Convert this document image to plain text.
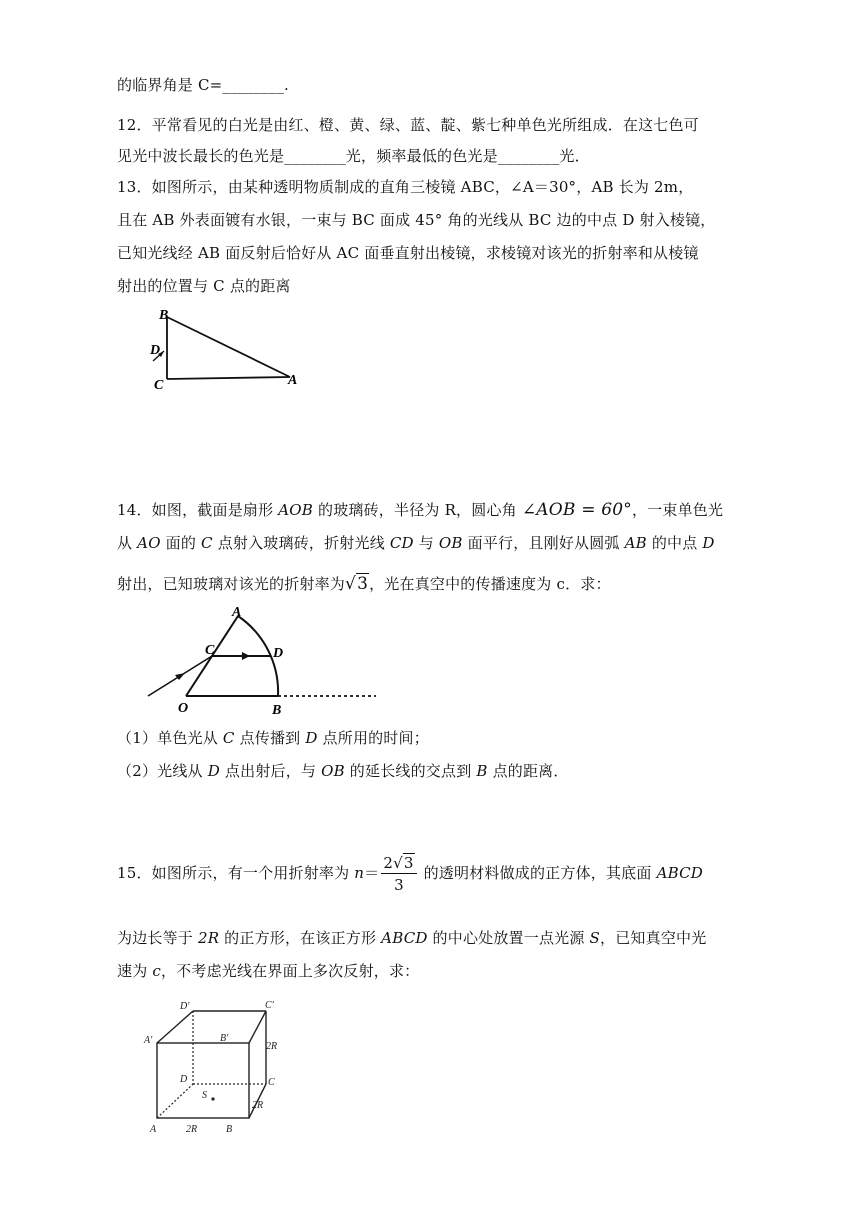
的临界角是 C=________.
12．平常看见的白光是由红、橙、黄、绿、蓝、靛、紫七种单色光所组成．在这七色可
见光中波长最长的色光是________光，频率最低的色光是________光．
13．如图所示，由某种透明物质制成的直角三棱镜 ABC，∠A＝30°，AB 长为 2m，
且在 AB 外表面镀有水银，一束与 BC 面成 45° 角的光线从 BC 边的中点 D 射入棱镜，
已知光线经 AB 面反射后恰好从 AC 面垂直射出棱镜，求棱镜对该光的折射率和从棱镜
射出的位置与 C 点的距离
B
D
C	A
14．如图，截面是扇形 AOB 的玻璃砖，半径为 R，圆心角 ∠AOB = 60°，一束单色光
从 AO 面的 C 点射入玻璃砖，折射光线 CD 与 OB 面平行，且刚好从圆弧 AB 的中点 D
射出，已知玻璃对该光的折射率为√3，光在真空中的传播速度为 c．求：
A
C	D
O	B
（1）单色光从 C 点传播到 D 点所用的时间；
（2）光线从 D 点出射后，与 OB 的延长线的交点到 B 点的距离．
15．如图所示，有一个用折射率为 $n= \frac{2√3}{3}$ 的透明材料做成的正方体，其底面 ABCD
为边长等于 2R 的正方形，在该正方形 ABCD 的中心处放置一点光源 S，已知真空中光
速为 c，不考虑光线在界面上多次反射，求：
D′	C′
A′	B′
2R
D	C
S
2R
A	2R	B
